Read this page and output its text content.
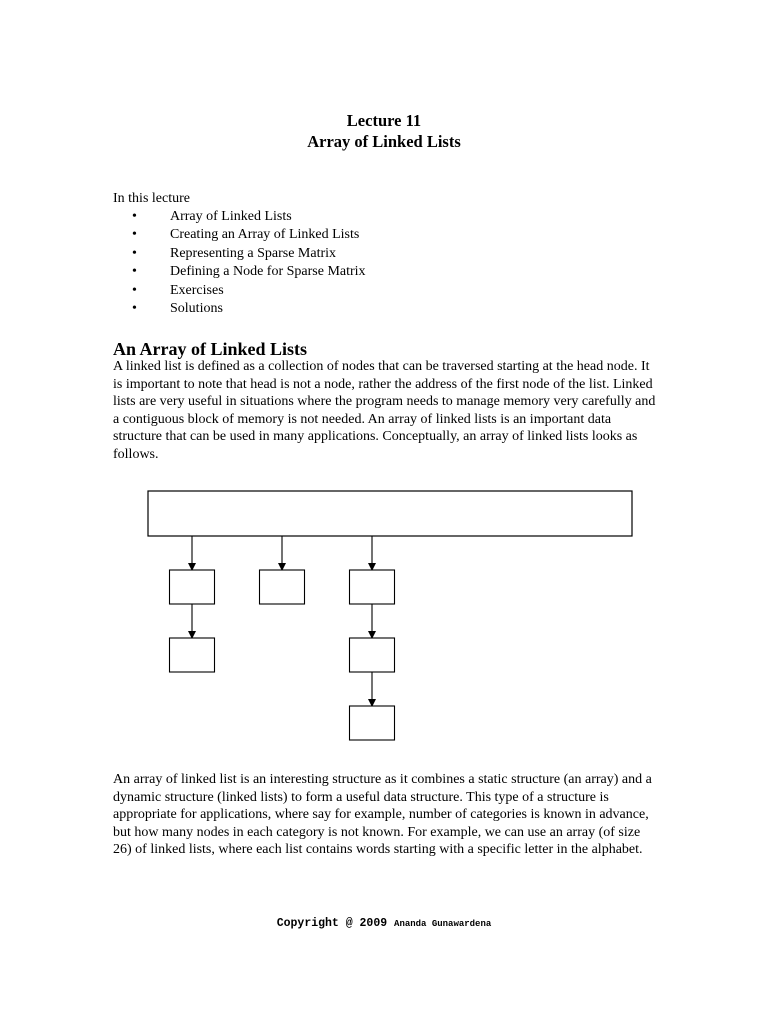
Lecture 11
Array of Linked Lists
In this lecture
• Array of Linked Lists
• Creating an Array of Linked Lists
• Representing a Sparse Matrix
• Defining a Node for Sparse Matrix
• Exercises
• Solutions
An Array of Linked Lists

A linked list is defined as a collection of nodes that can be traversed starting at the head node. It is important to note that head is not a node, rather the address of the first node of the list. Linked lists are very useful in situations where the program needs to manage memory very carefully and a contiguous block of memory is not needed. An array of linked lists is an important data structure that can be used in many applications. Conceptually, an array of linked lists looks as follows.

An array of linked list is an interesting structure as it combines a static structure (an array) and a dynamic structure (linked lists) to form a useful data structure. This type of a structure is appropriate for applications, where say for example, number of categories is known in advance, but how many nodes in each category is not known. For example, we can use an array (of size 26) of linked lists, where each list contains words starting with a specific letter in the alphabet.

Copyright @ 2009 Ananda Gunawardena
